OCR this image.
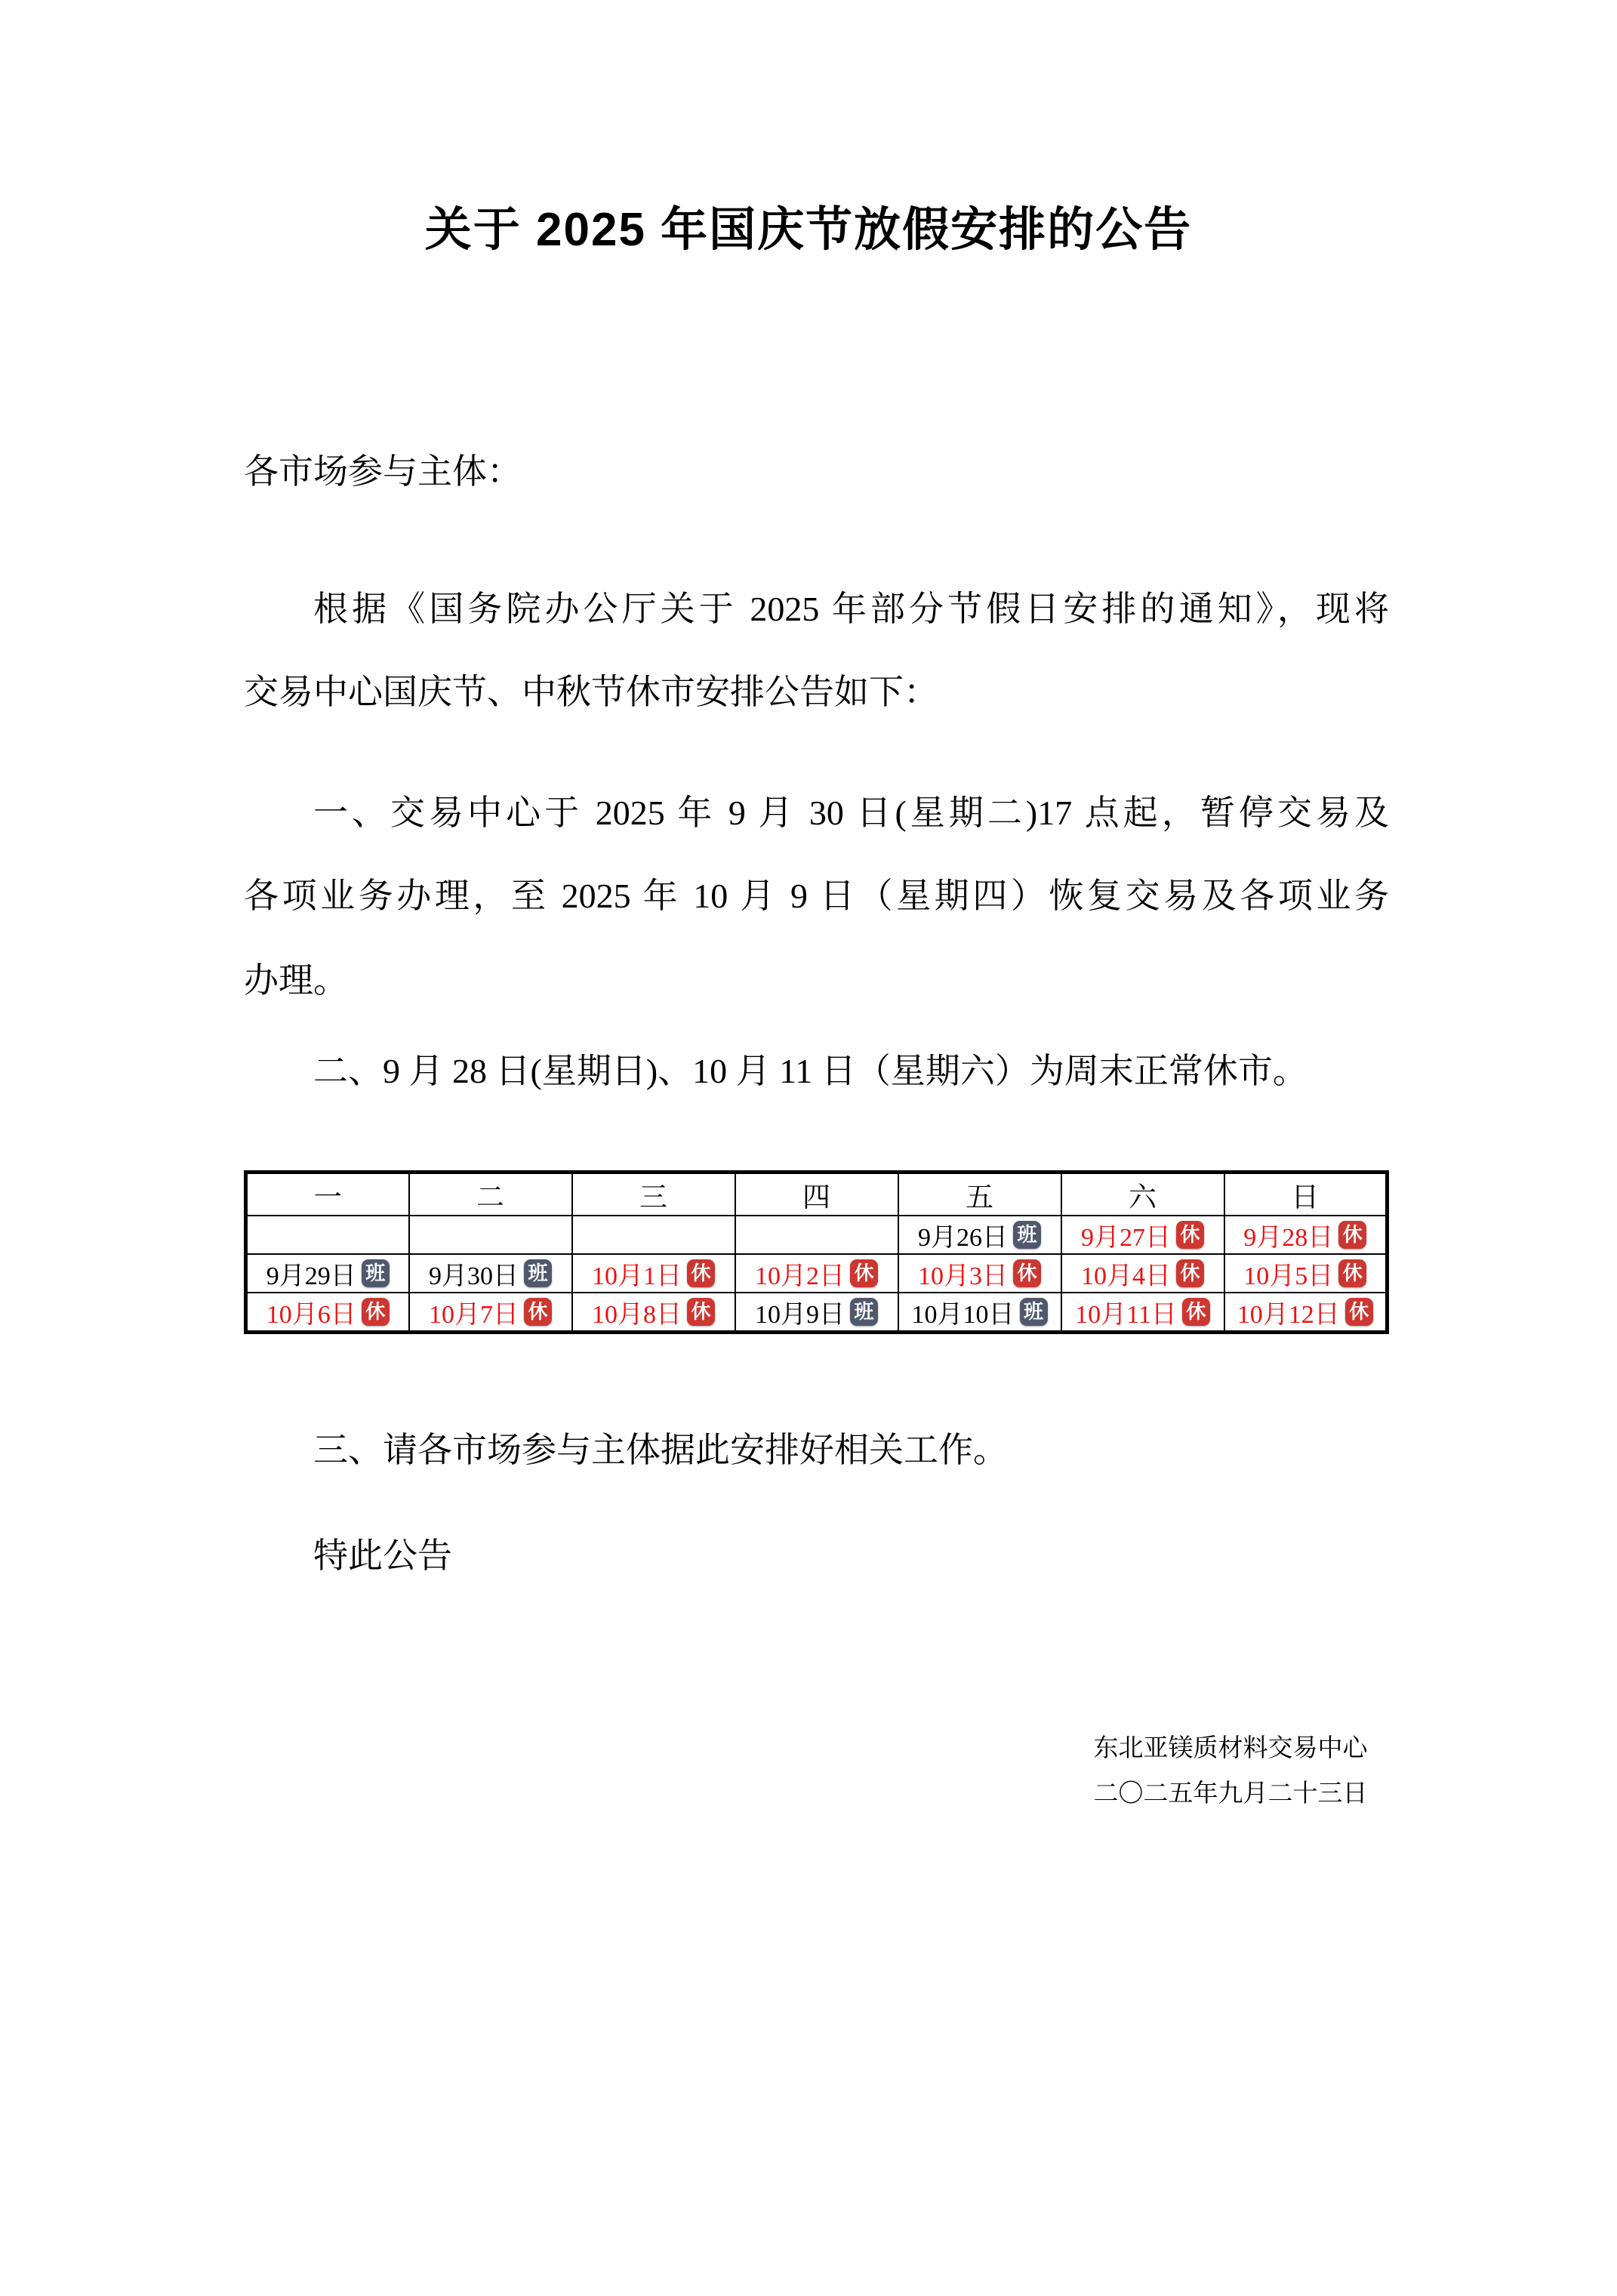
关于 2025 年国庆节放假安排的公告
各市场参与主体：
根据《国务院办公厅关于 2025 年部分节假日安排的通知》，现将
交易中心国庆节、中秋节休市安排公告如下：
一、交易中心于 2025 年 9 月 30 日(星期二)17 点起，暂停交易及
各项业务办理，至 2025 年 10 月 9 日（星期四）恢复交易及各项业务
办理。
二、9 月 28 日(星期日)、10 月 11 日（星期六）为周末正常休市。
一	二	三	四	五	六	日
				9月26日 班	9月27日 休	9月28日 休
9月29日 班	9月30日 班	10月1日 休	10月2日 休	10月3日 休	10月4日 休	10月5日 休
10月6日 休	10月7日 休	10月8日 休	10月9日 班	10月10日 班	10月11日 休	10月12日 休
三、请各市场参与主体据此安排好相关工作。
特此公告
东北亚镁质材料交易中心
二〇二五年九月二十三日
